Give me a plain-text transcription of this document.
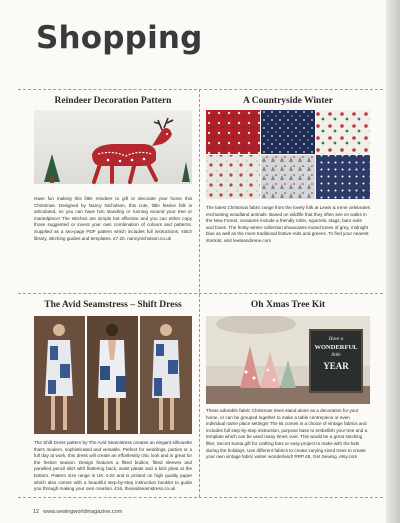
Shopping
Reindeer Decoration Pattern
Have fun making this little reindeer to gift or decorate your home this Christmas. Designed by Nancy Nicholson, this cute, little festive folk is articulated, so you can have him standing or running around your tree or mantelpiece! The stitches are simple but effective and you can either copy those suggested or invent your own combination of colours and patterns. Supplied as a two-page PDF pattern which includes full instructions, stitch library, stitching guides and templates. £7.20, nancynicholson.co.uk
A Countryside Winter
The latest Christmas fabric range from the lovely folk at Lewis & Irene celebrates enchanting woodland animals. Based on wildlife that they often see on walks in the New Forest, creatures include a friendly robin, squirrels, stags, barn owls and foxes. The frosty winter collection showcases muted tones of grey, midnight blue as well as the more traditional festive reds and greens. To find your nearest stockist, visit lewisandirene.com
The Avid Seamstress – Shift Dress
The Shift Dress pattern by The Avid Seamstress creates an elegant silhouette that's modern, sophisticated and versatile. Perfect for weddings, parties or a full day at work, this dress will create an effortlessly chic look and is great for the festive season. Design features a fitted bodice, fitted sleeves and panelled pencil skirt with flattering back, waist pleats and a kick pleat at the bottom. Pattern size range is UK 4-22 and is printed on high quality paper which also comes with a beautiful step-by-step instruction booklet to guide you through making your own creation. £16, theavidseamstress.co.uk
Oh Xmas Tree Kit
Have a
WONDERFUL
little
YEAR
These adorable fabric Christmas trees stand alone as a decoration for your home, or can be grouped together to make a table centrepiece or even individual name place settings! The kit comes in a choice of vintage fabrics and includes full step-by-step instruction, purpose base to embellish your tree and a template which can be used many times over. This would be a great stocking filler, Secret Santa gift for crafting fans or easy project to make with the kids during the holidays. Use different fabrics to create varying sized trees to create your own vintage fabric winter wonderland! RRP £8, Get Sewing, etsy.com
12 www.sewingworldmagazine.com
